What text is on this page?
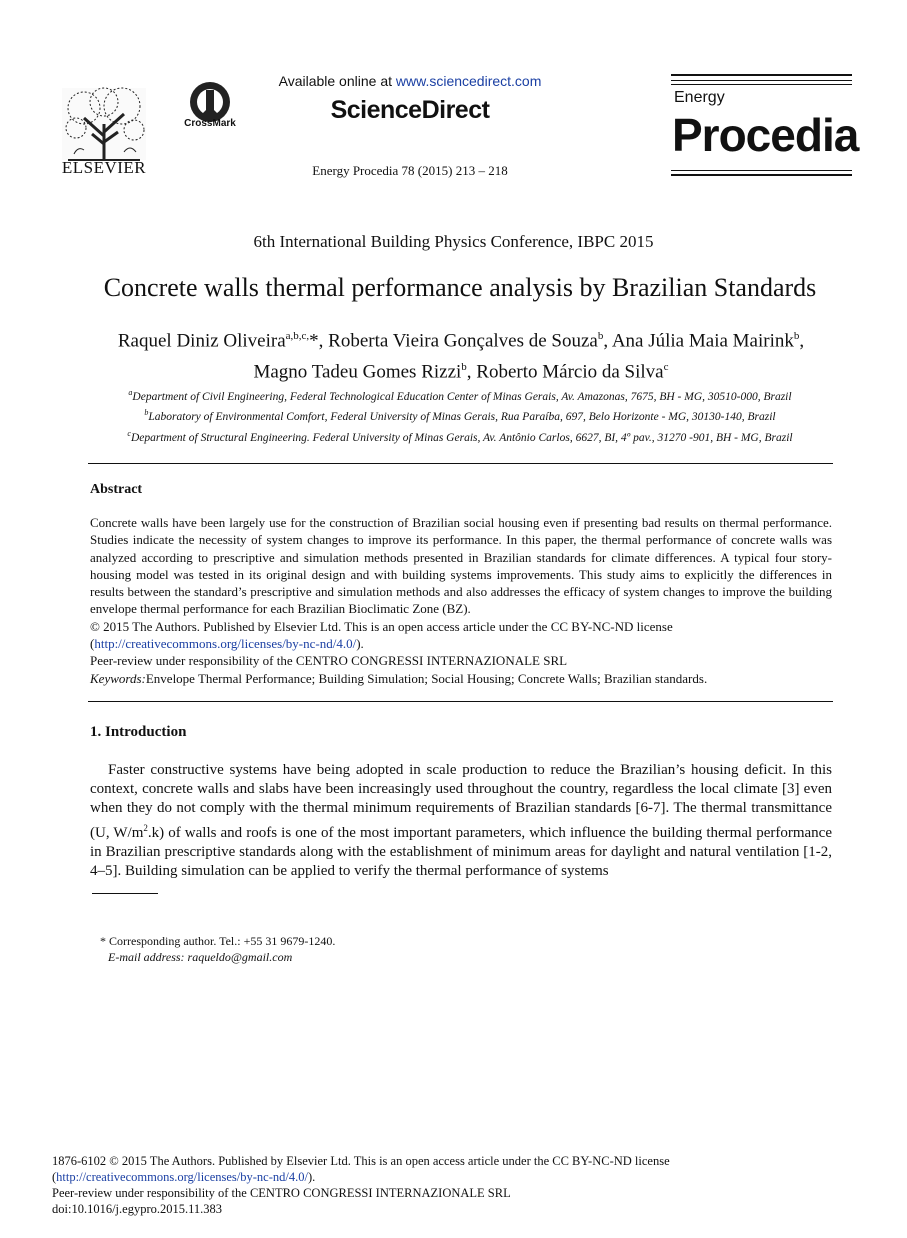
ELSEVIER
CrossMark
Available online at www.sciencedirect.com
ScienceDirect
Energy Procedia 78 (2015) 213 – 218
Energy
Procedia
6th International Building Physics Conference, IBPC 2015
Concrete walls thermal performance analysis by Brazilian Standards
Raquel Diniz Oliveira$^{a,b,c,}$*, Roberta Vieira Gonçalves de Souza$^b$, Ana Júlia Maia Mairink$^b$, Magno Tadeu Gomes Rizzi$^b$, Roberto Márcio da Silva$^c$
$^a$Department of Civil Engineering, Federal Technological Education Center of Minas Gerais, Av. Amazonas, 7675, BH - MG, 30510-000, Brazil
$^b$Laboratory of Environmental Comfort, Federal University of Minas Gerais, Rua Paraíba, 697, Belo Horizonte - MG, 30130-140, Brazil
$^c$Department of Structural Engineering. Federal University of Minas Gerais, Av. Antônio Carlos, 6627, BI, 4º pav., 31270 -901, BH - MG, Brazil
Abstract

Concrete walls have been largely use for the construction of Brazilian social housing even if presenting bad results on thermal performance. Studies indicate the necessity of system changes to improve its performance. In this paper, the thermal performance of concrete walls was analyzed according to prescriptive and simulation methods presented in Brazilian standards for climate differences. A typical four story-housing model was tested in its original design and with building systems improvements. This study aims to explicitly the differences in results between the standard’s prescriptive and simulation methods and also addresses the efficacy of system changes to improve the building envelope thermal performance for each Brazilian Bioclimatic Zone (BZ).

© 2015 The Authors. Published by Elsevier Ltd. This is an open access article under the CC BY-NC-ND license

(http://creativecommons.org/licenses/by-nc-nd/4.0/).

Peer-review under responsibility of the CENTRO CONGRESSI INTERNAZIONALE SRL

Keywords:Envelope Thermal Performance; Building Simulation; Social Housing; Concrete Walls; Brazilian standards.

1. Introduction
Faster constructive systems have being adopted in scale production to reduce the Brazilian’s housing deficit. In this context, concrete walls and slabs have been increasingly used throughout the country, regardless the local climate [3] even when they do not comply with the thermal minimum requirements of Brazilian standards [6-7]. The thermal transmittance (U, $W/m^2.k$) of walls and roofs is one of the most important parameters, which influence the building thermal performance in Brazilian prescriptive standards along with the establishment of minimum areas for daylight and natural ventilation [1-2, 4–5]. Building simulation can be applied to verify the thermal performance of systems
* Corresponding author. Tel.: +55 31 9679-1240.
E-mail address: raqueldo@gmail.com

1876-6102 © 2015 The Authors. Published by Elsevier Ltd. This is an open access article under the CC BY-NC-ND license

(http://creativecommons.org/licenses/by-nc-nd/4.0/).

Peer-review under responsibility of the CENTRO CONGRESSI INTERNAZIONALE SRL

doi:10.1016/j.egypro.2015.11.383
